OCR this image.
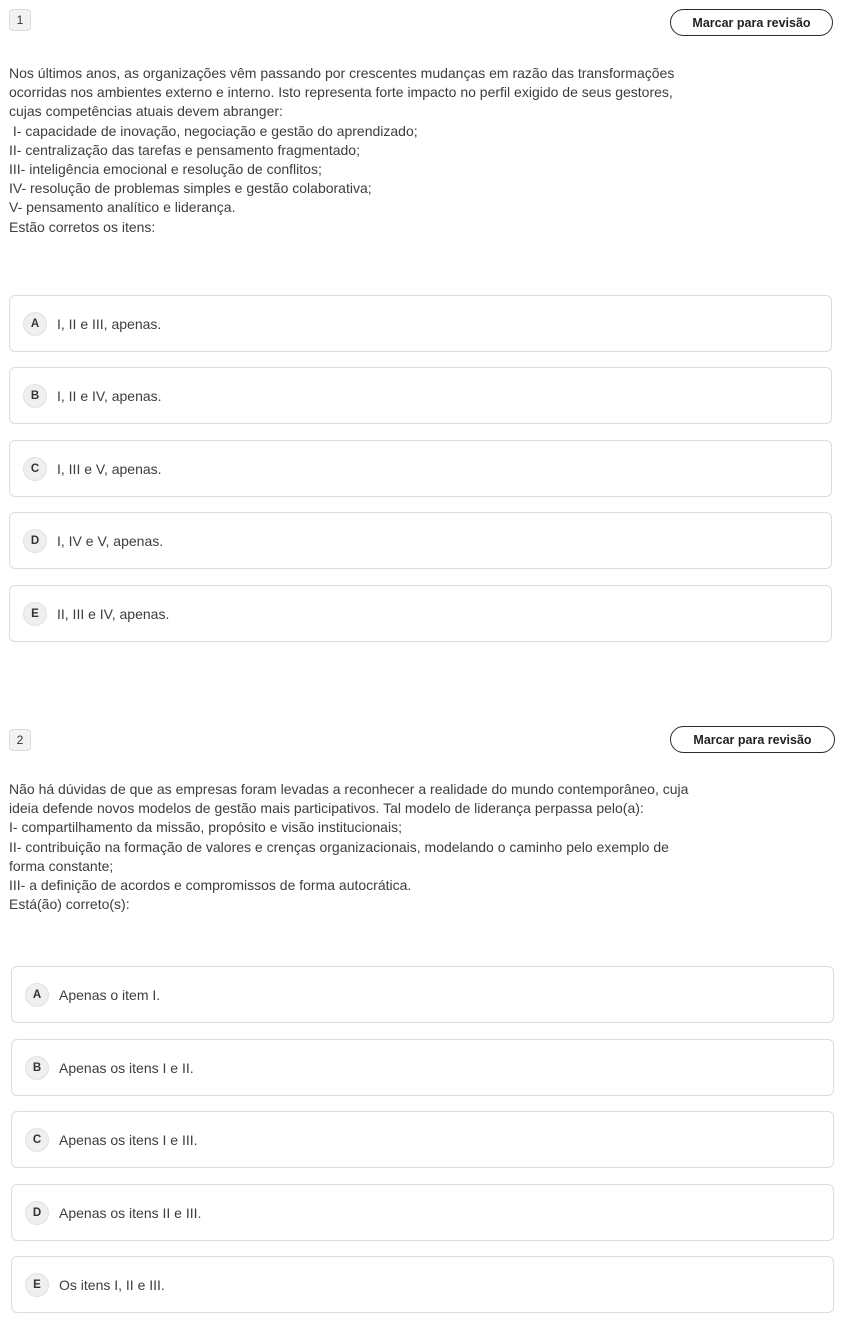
1	Marcar para revisão

Nos últimos anos, as organizações vêm passando por crescentes mudanças em razão das transformações

ocorridas nos ambientes externo e interno. Isto representa forte impacto no perfil exigido de seus gestores,

cujas competências atuais devem abranger:

I- capacidade de inovação, negociação e gestão do aprendizado;

II- centralização das tarefas e pensamento fragmentado;

III- inteligência emocional e resolução de conflitos;

IV- resolução de problemas simples e gestão colaborativa;

V- pensamento analítico e liderança.

Estão corretos os itens:

A	I, II e III, apenas.
B	I, II e IV, apenas.
C	I, III e V, apenas.
D	I, IV e V, apenas.
E	II, III e IV, apenas.
2	Marcar para revisão

Não há dúvidas de que as empresas foram levadas a reconhecer a realidade do mundo contemporâneo, cuja

ideia defende novos modelos de gestão mais participativos. Tal modelo de liderança perpassa pelo(a):

I- compartilhamento da missão, propósito e visão institucionais;

II- contribuição na formação de valores e crenças organizacionais, modelando o caminho pelo exemplo de

forma constante;

III- a definição de acordos e compromissos de forma autocrática.

Está(ão) correto(s):

A	Apenas o item I.
B	Apenas os itens I e II.
C	Apenas os itens I e III.
D	Apenas os itens II e III.
E	Os itens I, II e III.
